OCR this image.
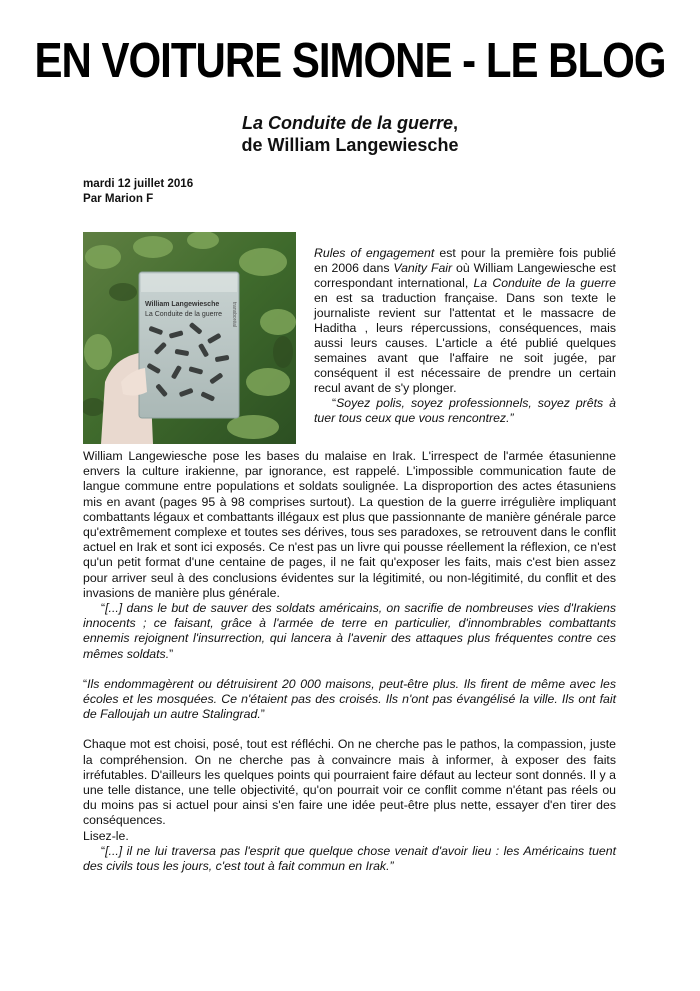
EN VOITURE SIMONE - LE BLOG
La Conduite de la guerre,
de William Langewiesche
mardi 12 juillet 2016
Par Marion F
William Langewiesche
La Conduite de la guerre transboréal

Rules of engagement est pour la première fois publié en 2006 dans Vanity Fair où William Langewiesche est correspondant international, La Conduite de la guerre en est sa traduction française. Dans son texte le journaliste revient sur l'attentat et le massacre de Haditha , leurs répercussions, conséquences, mais aussi leurs causes. L'article a été publié quelques semaines avant que l'affaire ne soit jugée, par conséquent il est nécessaire de prendre un certain recul avant de s'y plonger.

“Soyez polis, soyez professionnels, soyez prêts à tuer tous ceux que vous rencontrez.”

William Langewiesche pose les bases du malaise en Irak. L'irrespect de l'armée étasunienne envers la culture irakienne, par ignorance, est rappelé. L'impossible communication faute de langue commune entre populations et soldats soulignée. La disproportion des actes étasuniens mis en avant (pages 95 à 98 comprises surtout). La question de la guerre irrégulière impliquant combattants légaux et combattants illégaux est plus que passionnante de manière générale parce qu'extrêmement complexe et toutes ses dérives, tous ses paradoxes, se retrouvent dans le conflit actuel en Irak et sont ici exposés. Ce n'est pas un livre qui pousse réellement la réflexion, ce n'est qu'un petit format d'une centaine de pages, il ne fait qu'exposer les faits, mais c'est bien assez pour arriver seul à des conclusions évidentes sur la légitimité, ou non-légitimité, du conflit et des invasions de manière plus générale.

“[...] dans le but de sauver des soldats américains, on sacrifie de nombreuses vies d'Irakiens innocents ; ce faisant, grâce à l'armée de terre en particulier, d'innombrables combattants ennemis rejoignent l'insurrection, qui lancera à l'avenir des attaques plus fréquentes contre ces mêmes soldats.”

“Ils endommagèrent ou détruisirent 20 000 maisons, peut-être plus. Ils firent de même avec les écoles et les mosquées. Ce n'étaient pas des croisés. Ils n'ont pas évangélisé la ville. Ils ont fait de Falloujah un autre Stalingrad.”

Chaque mot est choisi, posé, tout est réfléchi. On ne cherche pas le pathos, la compassion, juste la compréhension. On ne cherche pas à convaincre mais à informer, à exposer des faits irréfutables. D'ailleurs les quelques points qui pourraient faire défaut au lecteur sont donnés. Il y a une telle distance, une telle objectivité, qu'on pourrait voir ce conflit comme n'étant pas réels ou du moins pas si actuel pour ainsi s'en faire une idée peut-être plus nette, essayer d'en tirer des conséquences.

Lisez-le.

“[...] il ne lui traversa pas l'esprit que quelque chose venait d'avoir lieu : les Américains tuent des civils tous les jours, c'est tout à fait commun en Irak.”
